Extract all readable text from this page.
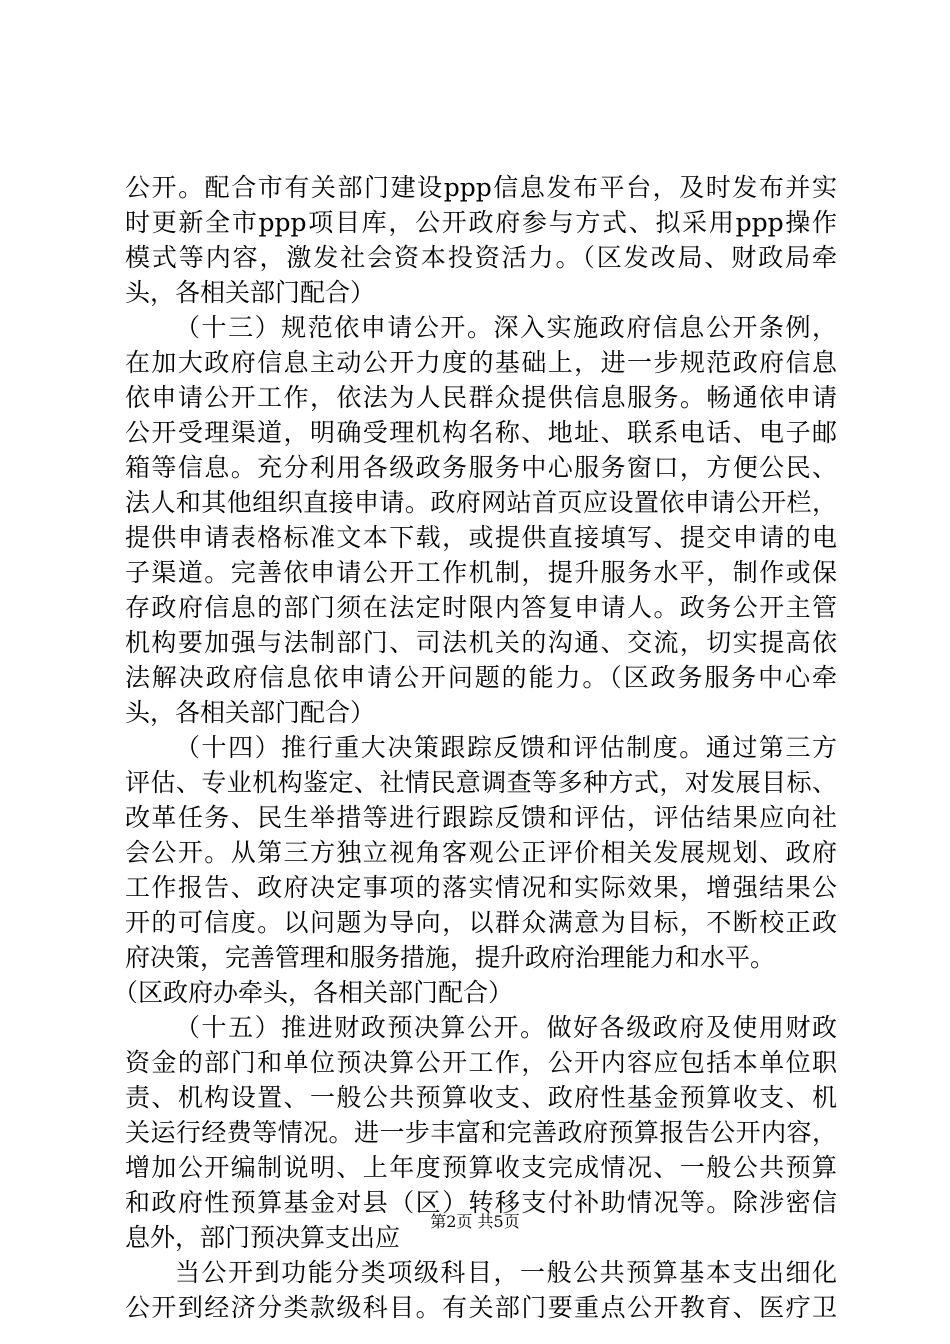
公开。配合市有关部门建设ppp信息发布平台，及时发布并实
时更新全市ppp项目库，公开政府参与方式、拟采用ppp操作
模式等内容，激发社会资本投资活力。（区发改局、财政局牵
头，各相关部门配合）
（十三）规范依申请公开。深入实施政府信息公开条例，
在加大政府信息主动公开力度的基础上，进一步规范政府信息
依申请公开工作，依法为人民群众提供信息服务。畅通依申请
公开受理渠道，明确受理机构名称、地址、联系电话、电子邮
箱等信息。充分利用各级政务服务中心服务窗口，方便公民、
法人和其他组织直接申请。政府网站首页应设置依申请公开栏，
提供申请表格标准文本下载，或提供直接填写、提交申请的电
子渠道。完善依申请公开工作机制，提升服务水平，制作或保
存政府信息的部门须在法定时限内答复申请人。政务公开主管
机构要加强与法制部门、司法机关的沟通、交流，切实提高依
法解决政府信息依申请公开问题的能力。（区政务服务中心牵
头，各相关部门配合）
（十四）推行重大决策跟踪反馈和评估制度。通过第三方
评估、专业机构鉴定、社情民意调查等多种方式，对发展目标、
改革任务、民生举措等进行跟踪反馈和评估，评估结果应向社
会公开。从第三方独立视角客观公正评价相关发展规划、政府
工作报告、政府决定事项的落实情况和实际效果，增强结果公
开的可信度。以问题为导向，以群众满意为目标，不断校正政
府决策，完善管理和服务措施，提升政府治理能力和水平。
（区政府办牵头，各相关部门配合）
（十五）推进财政预决算公开。做好各级政府及使用财政
资金的部门和单位预决算公开工作，公开内容应包括本单位职
责、机构设置、一般公共预算收支、政府性基金预算收支、机
关运行经费等情况。进一步丰富和完善政府预算报告公开内容，
增加公开编制说明、上年度预算收支完成情况、一般公共预算
和政府性预算基金对县（区）转移支付补助情况等。除涉密信
息外，部门预决算支出应
当公开到功能分类项级科目，一般公共预算基本支出细化
公开到经济分类款级科目。有关部门要重点公开教育、医疗卫
第2页 共5页
